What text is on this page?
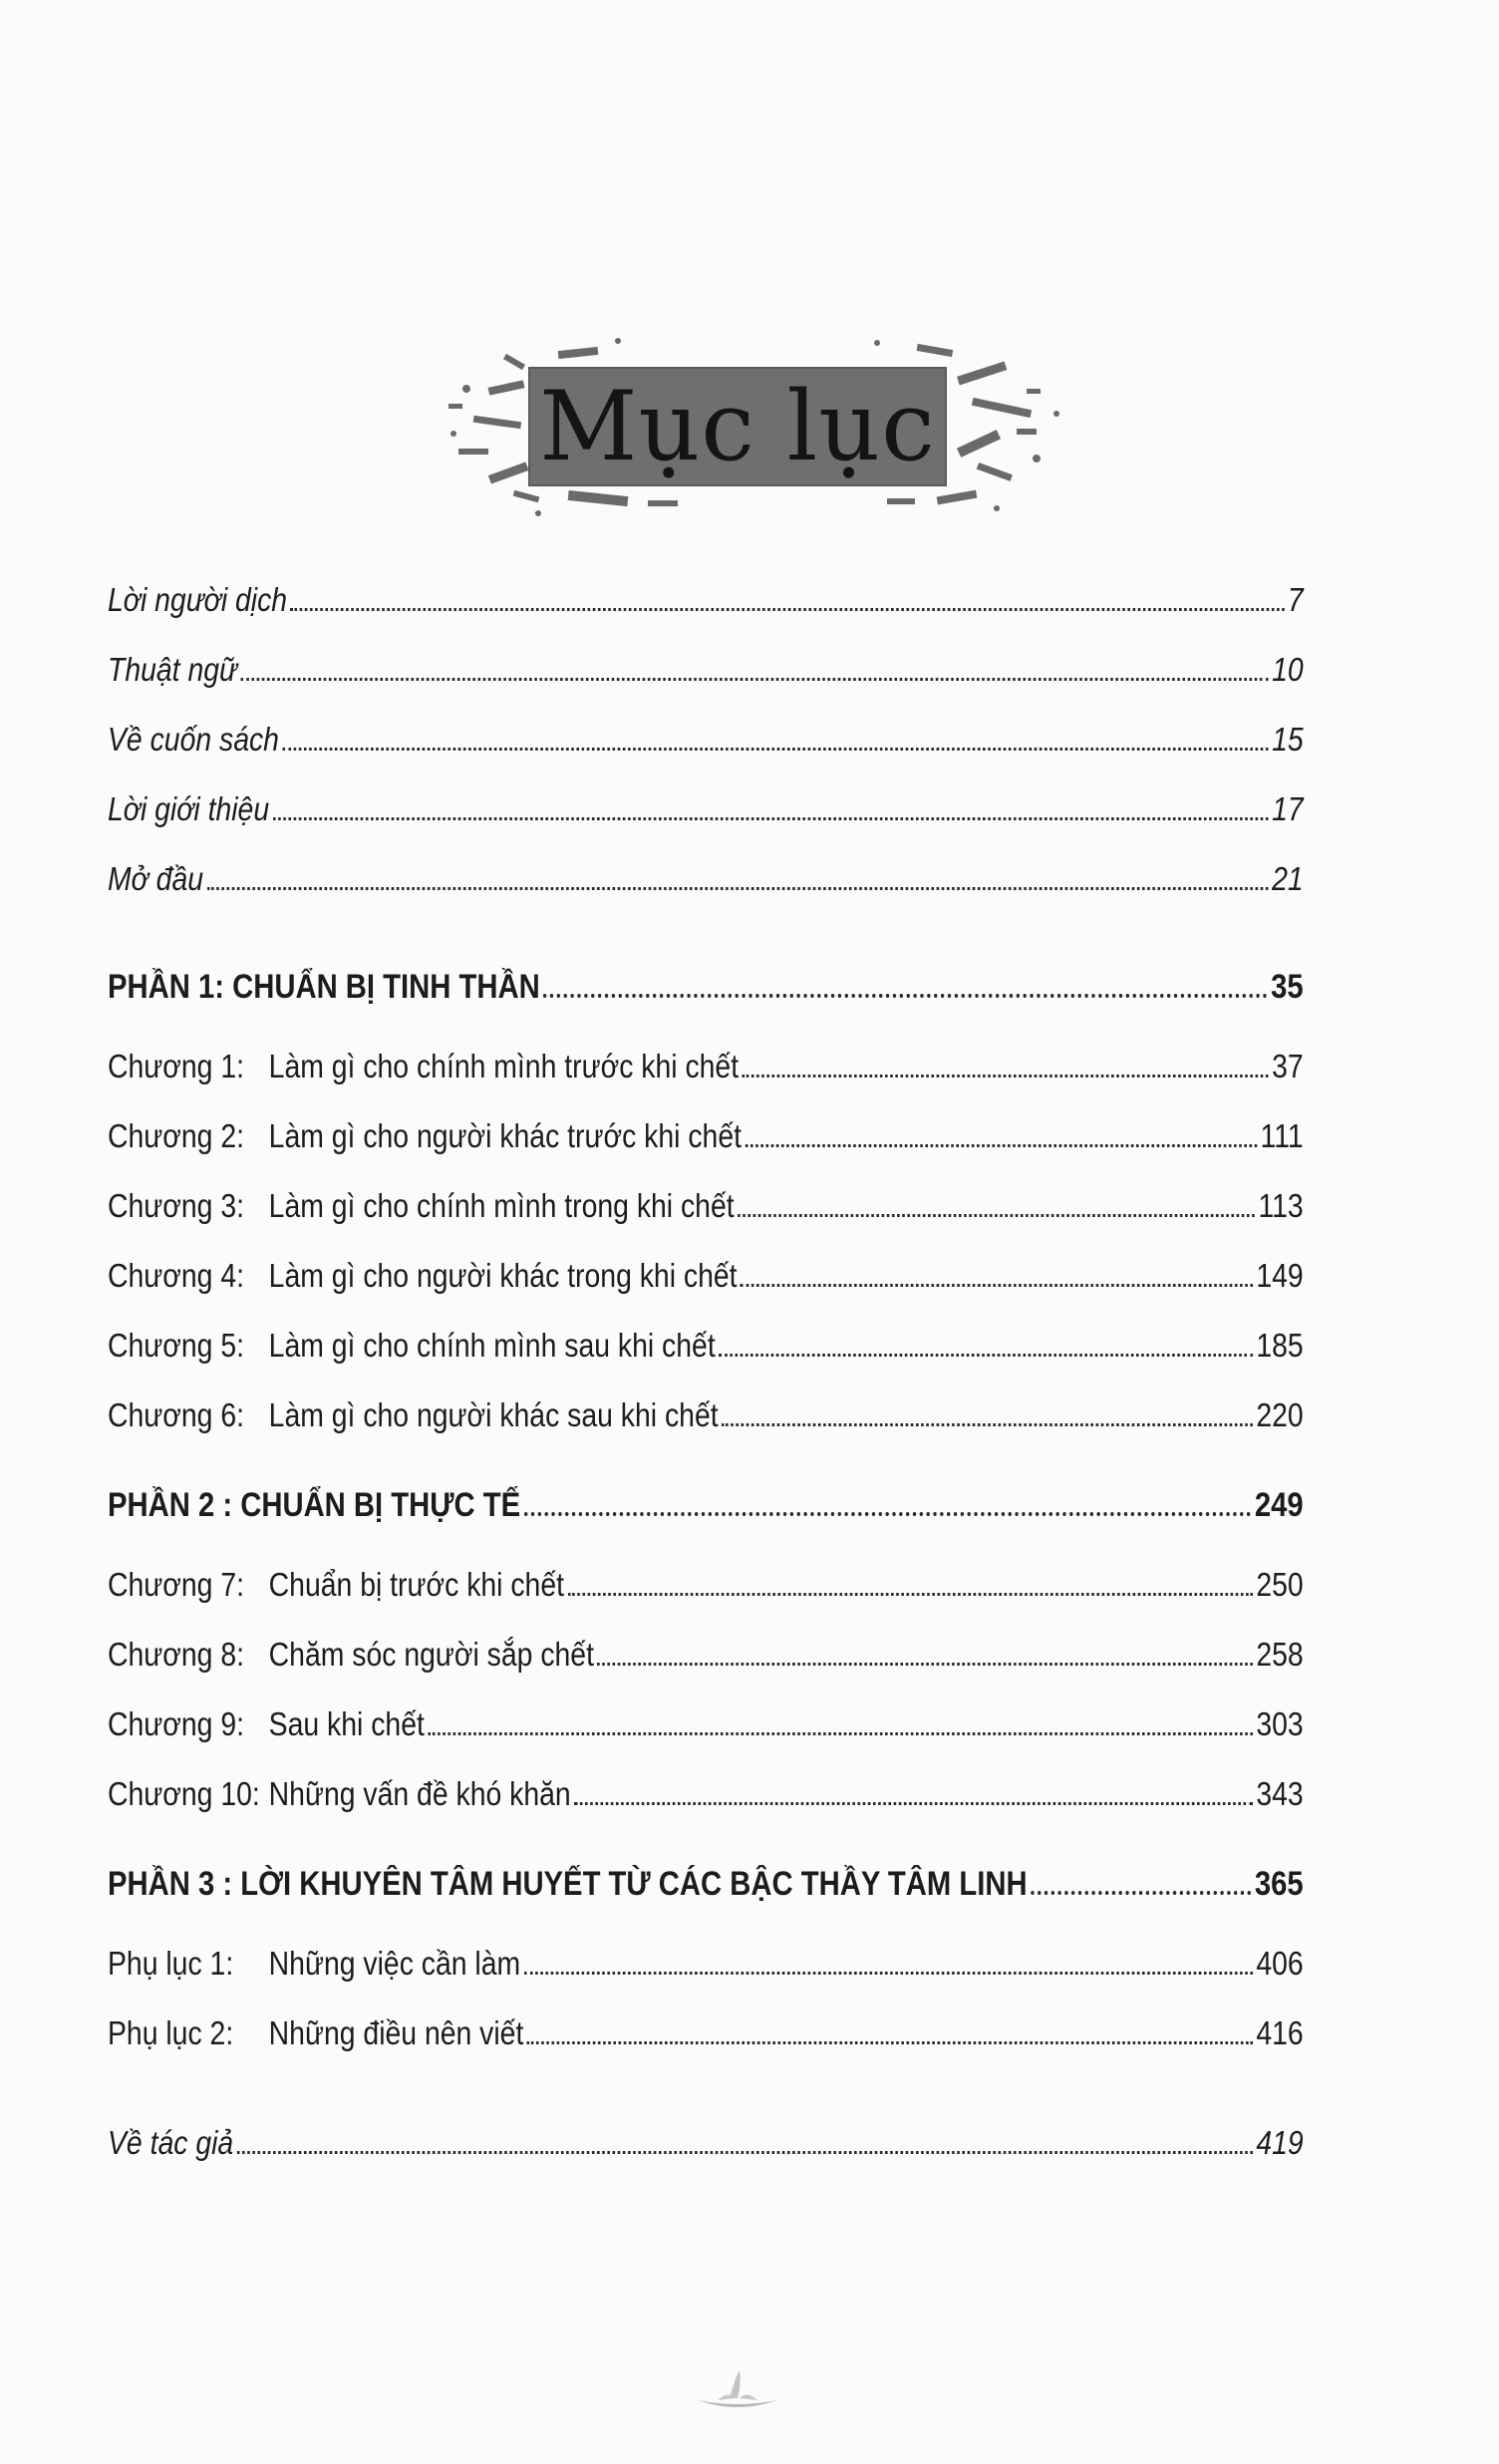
Mục lục
Lời người dịch	7
Thuật ngữ	10
Về cuốn sách	15
Lời giới thiệu	17
Mở đầu	21
PHẦN 1: CHUẨN BỊ TINH THẦN	35
Chương 1: Làm gì cho chính mình trước khi chết	37
Chương 2: Làm gì cho người khác trước khi chết	111
Chương 3: Làm gì cho chính mình trong khi chết	113
Chương 4: Làm gì cho người khác trong khi chết	149
Chương 5: Làm gì cho chính mình sau khi chết	185
Chương 6: Làm gì cho người khác sau khi chết	220
PHẦN 2 : CHUẨN BỊ THỰC TẾ	249
Chương 7: Chuẩn bị trước khi chết	250
Chương 8: Chăm sóc người sắp chết	258
Chương 9: Sau khi chết	303
Chương 10: Những vấn đề khó khăn	343
PHẦN 3 : LỜI KHUYÊN TÂM HUYẾT TỪ CÁC BẬC THẦY TÂM LINH	365
Phụ lục 1:	Những việc cần làm	406
Phụ lục 2:	Những điều nên viết	416
Về tác giả	419
